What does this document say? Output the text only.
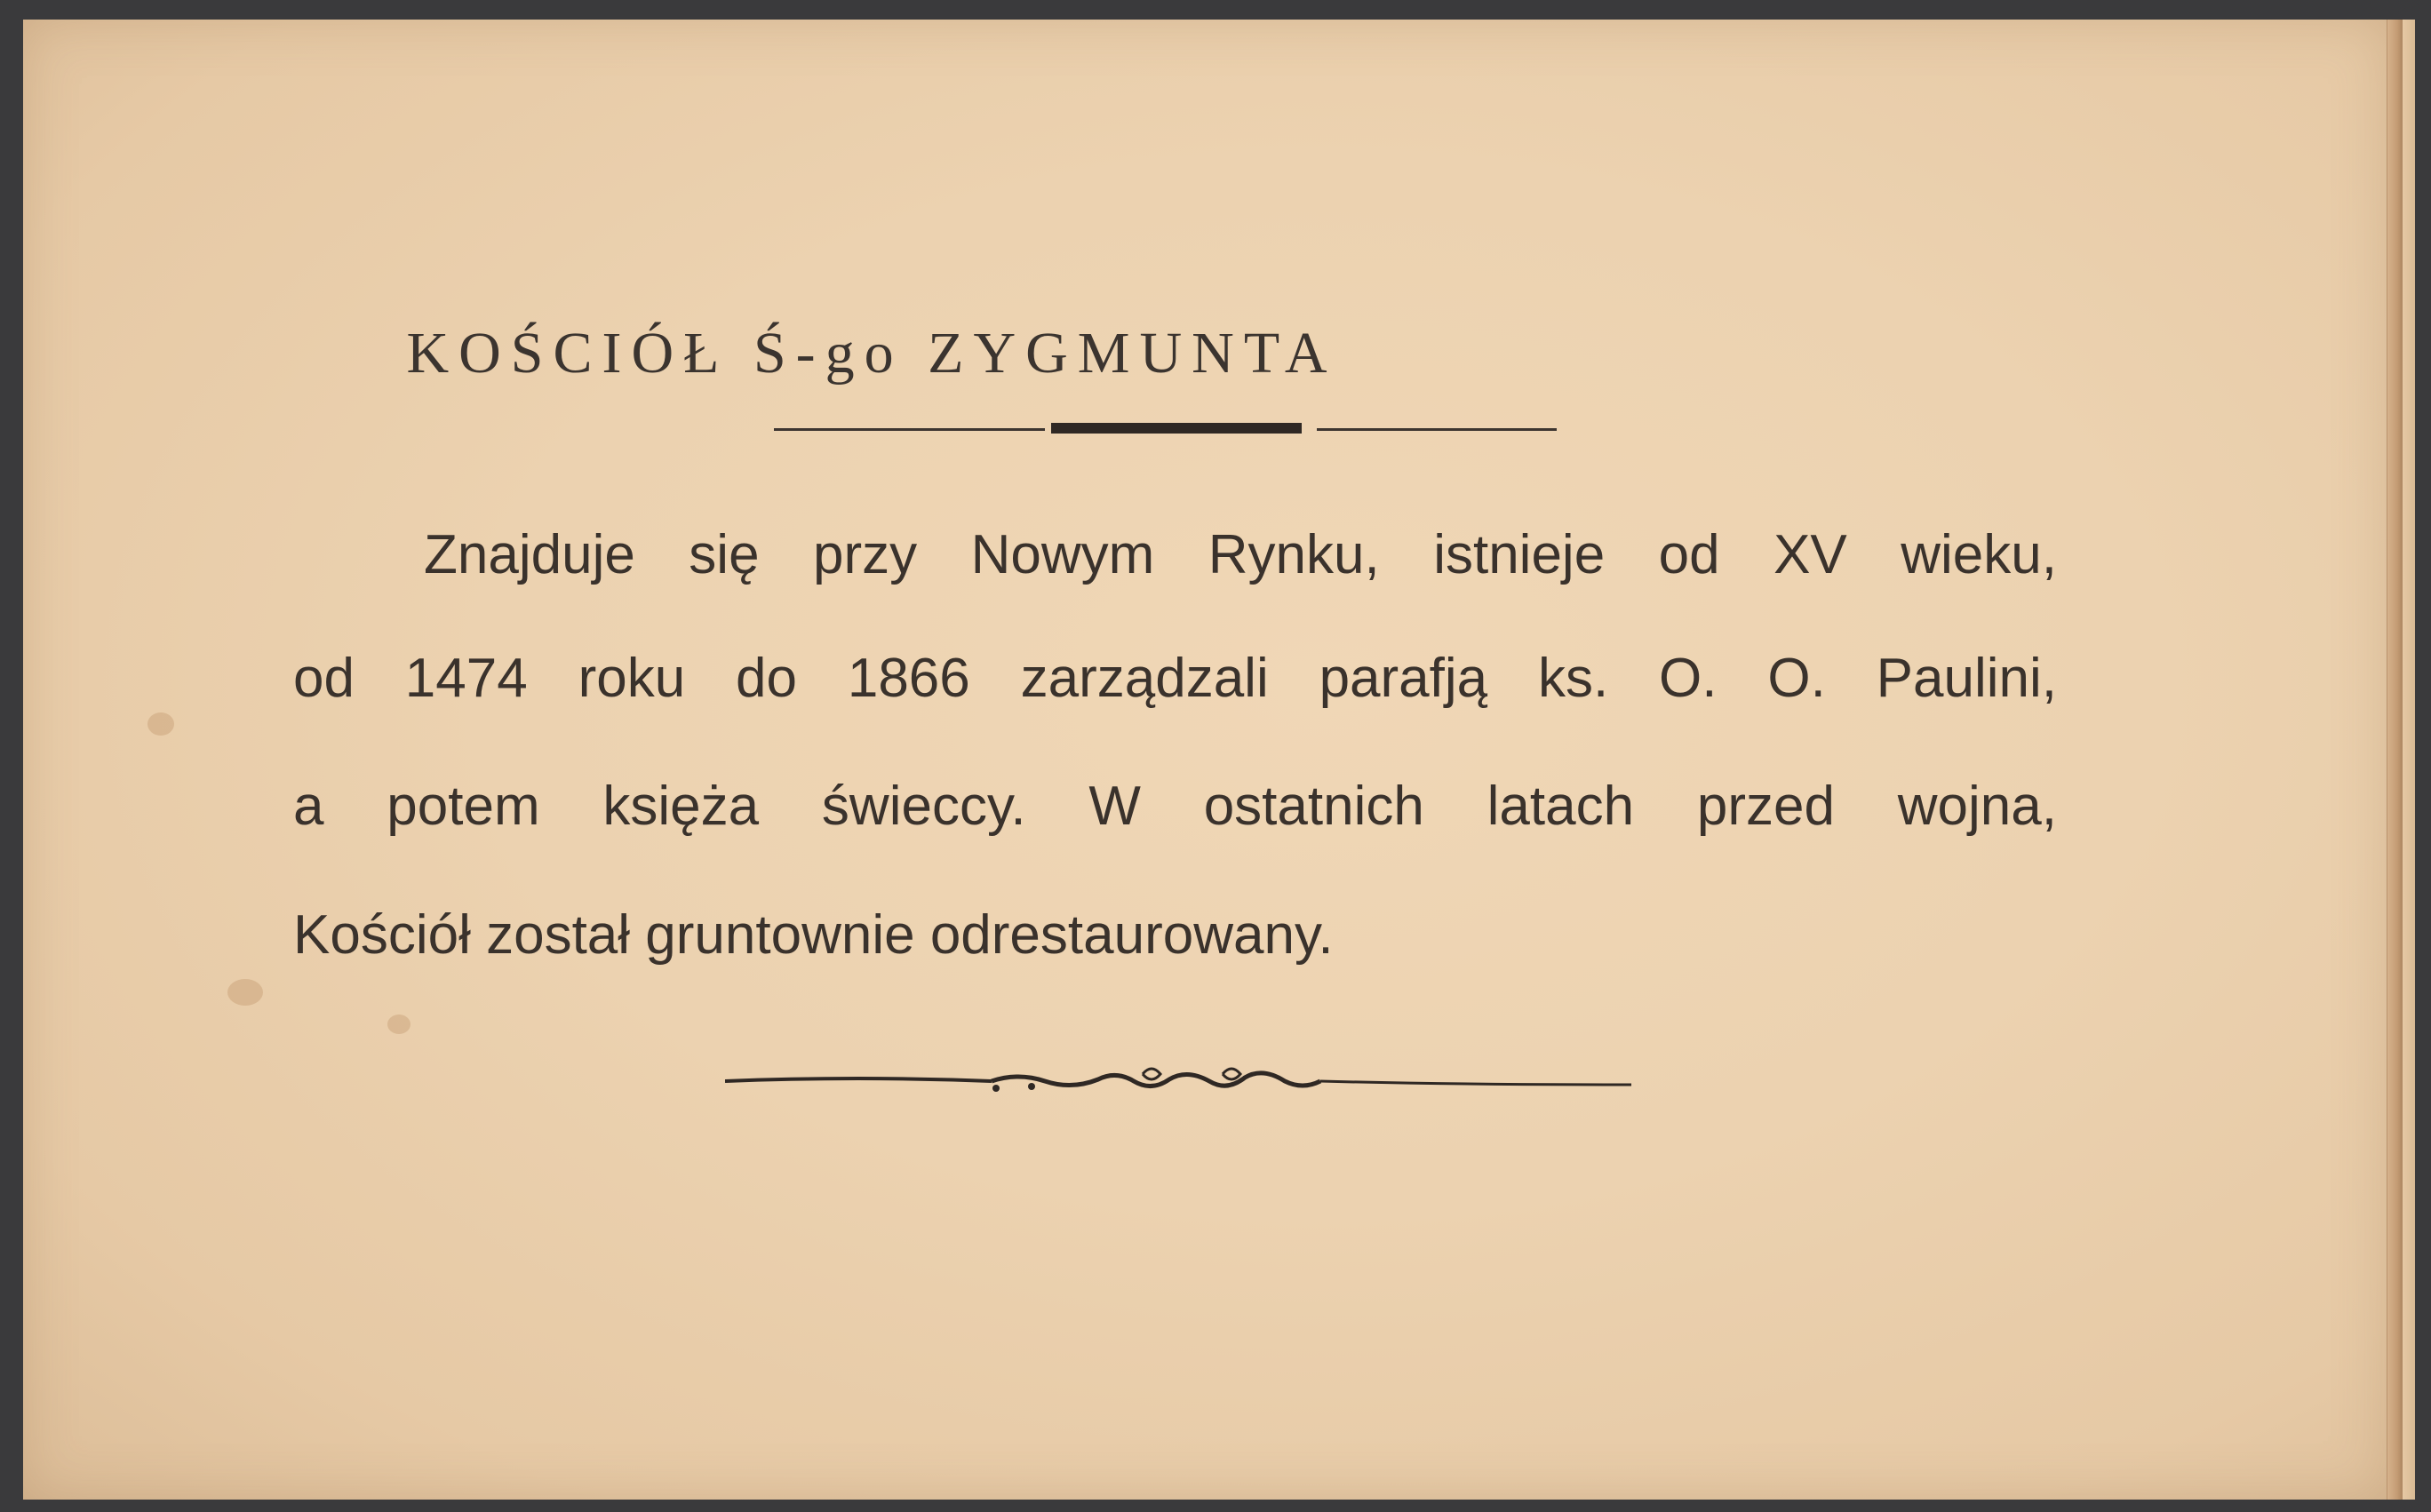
KOŚCIÓŁ Ś-go ZYGMUNTA
Znajduje się przy Nowym Rynku, istnieje od XV wieku,
od 1474 roku do 1866 zarządzali parafją ks. O. O. Paulini,
a potem księża świeccy. W ostatnich latach przed wojna,
Kościół został gruntownie odrestaurowany.
